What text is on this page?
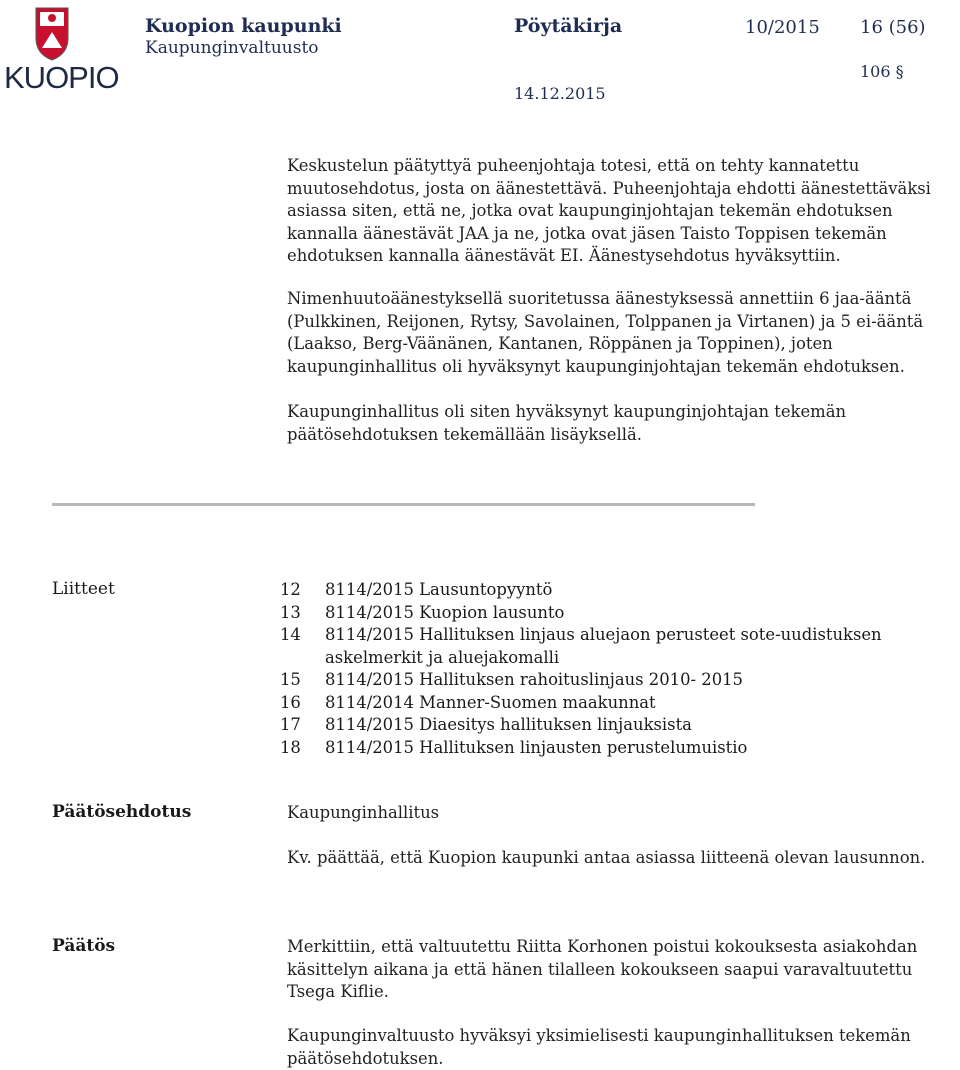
KUOPIO
Kuopion kaupunki
Kaupunginvaltuusto
Pöytäkirja	10/2015 16 (56)
106 §
14.12.2015

Keskustelun päätyttyä puheenjohtaja totesi, että on tehty kannatettu muutosehdotus, josta on äänestettävä. Puheenjohtaja ehdotti äänestettäväksi asiassa siten, että ne, jotka ovat kaupunginjohtajan tekemän ehdotuksen kannalla äänestävät JAA ja ne, jotka ovat jäsen Taisto Toppisen tekemän ehdotuksen kannalla äänestävät EI. Äänestysehdotus hyväksyttiin.

Nimenhuutoäänestyksellä suoritetussa äänestyksessä annettiin 6 jaa-ääntä (Pulkkinen, Reijonen, Rytsy, Savolainen, Tolppanen ja Virtanen) ja 5 ei-ääntä (Laakso, Berg-Väänänen, Kantanen, Röppänen ja Toppinen), joten kaupunginhallitus oli hyväksynyt kaupunginjohtajan tekemän ehdotuksen.

Kaupunginhallitus oli siten hyväksynyt kaupunginjohtajan tekemän päätösehdotuksen tekemällään lisäyksellä.

Liitteet	12	8114/2015 Lausuntopyyntö
13	8114/2015 Kuopion lausunto
14	8114/2015 Hallituksen linjaus aluejaon perusteet sote-uudistuksen askelmerkit ja aluejakomalli
15	8114/2015 Hallituksen rahoituslinjaus 2010- 2015
16	8114/2014 Manner-Suomen maakunnat
17	8114/2015 Diaesitys hallituksen linjauksista
18	8114/2015 Hallituksen linjausten perustelumuistio
Päätösehdotus	Kaupunginhallitus
Kv. päättää, että Kuopion kaupunki antaa asiassa liitteenä olevan lausunnon.
Päätös	Merkittiin, että valtuutettu Riitta Korhonen poistui kokouksesta asiakohdan käsittelyn aikana ja että hänen tilalleen kokoukseen saapui varavaltuutettu Tsega Kiflie.
Kaupunginvaltuusto hyväksyi yksimielisesti kaupunginhallituksen tekemän päätösehdotuksen.
